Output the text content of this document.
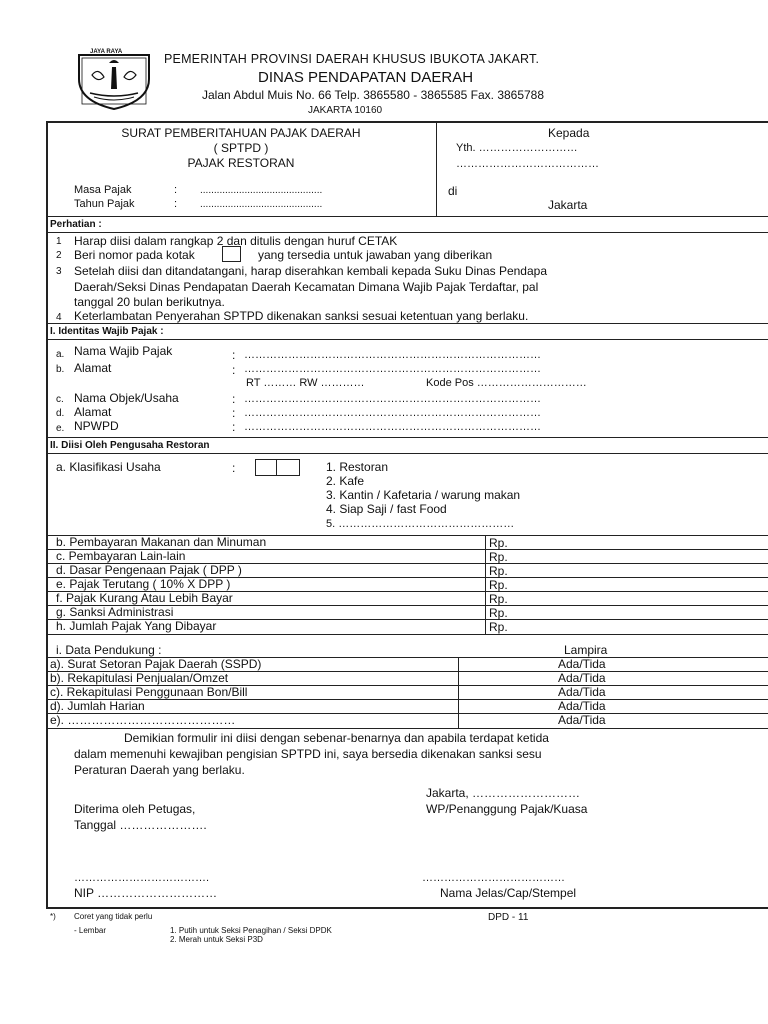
JAYA RAYA	PEMERINTAH PROVINSI DAERAH KHUSUS IBUKOTA JAKART.
DINAS PENDAPATAN DAERAH
Jalan Abdul Muis No. 66 Telp. 3865580 - 3865585 Fax. 3865788
JAKARTA 10160
SURAT PEMBERITAHUAN PAJAK DAERAH
( SPTPD )
PAJAK RESTORAN
Masa Pajak	: ............................................
Tahun Pajak	: ............................................
Kepada
Yth. ………………………
…………………………………
di
Jakarta
Perhatian :
1 Harap diisi dalam rangkap 2 dan ditulis dengan huruf CETAK
2 Beri nomor pada kotak	yang tersedia untuk jawaban yang diberikan
3 Setelah diisi dan ditandatangani, harap diserahkan kembali kepada Suku Dinas Pendapa
Daerah/Seksi Dinas Pendapatan Daerah Kecamatan Dimana Wajib Pajak Terdaftar, pal
tanggal 20 bulan berikutnya.
4 Keterlambatan Penyerahan SPTPD dikenakan sanksi sesuai ketentuan yang berlaku.
I. Identitas Wajib Pajak :
a. Nama Wajib Pajak	: ………………………………………………………………………
b. Alamat	: ………………………………………………………………………
RT ……… RW …………	Kode Pos …………………………
c. Nama Objek/Usaha	: ………………………………………………………………………
d. Alamat	: ………………………………………………………………………
e. NPWPD	: ………………………………………………………………………
II. Diisi Oleh Pengusaha Restoran
a. Klasifikasi Usaha	:	1. Restoran
2. Kafe
3. Kantin / Kafetaria / warung makan
4. Siap Saji / fast Food
5. …………………………………………
b. Pembayaran Makanan dan Minuman	Rp.
c. Pembayaran Lain-lain	Rp.
d. Dasar Pengenaan Pajak ( DPP )	Rp.
e. Pajak Terutang ( 10% X DPP )	Rp.
f. Pajak Kurang Atau Lebih Bayar	Rp.
g. Sanksi Administrasi	Rp.
h. Jumlah Pajak Yang Dibayar	Rp.
i. Data Pendukung :	Lampira
a). Surat Setoran Pajak Daerah (SSPD)	Ada/Tida
b). Rekapitulasi Penjualan/Omzet	Ada/Tida
c). Rekapitulasi Penggunaan Bon/Bill	Ada/Tida
d). Jumlah Harian	Ada/Tida
e). ……………………………………	Ada/Tida
Demikian formulir ini diisi dengan sebenar-benarnya dan apabila terdapat ketida
dalam memenuhi kewajiban pengisian SPTPD ini, saya bersedia dikenakan sanksi sesu
Peraturan Daerah yang berlaku.
Jakarta, ………………………
Diterima oleh Petugas,	WP/Penanggung Pajak/Kuasa
Tanggal ………………….
……………………………….	…………………………………
NIP …………………………	Nama Jelas/Cap/Stempel
*) Coret yang tidak perlu	DPD - 11
- Lembar	1. Putih untuk Seksi Penagihan / Seksi DPDK
2. Merah untuk Seksi P3D
